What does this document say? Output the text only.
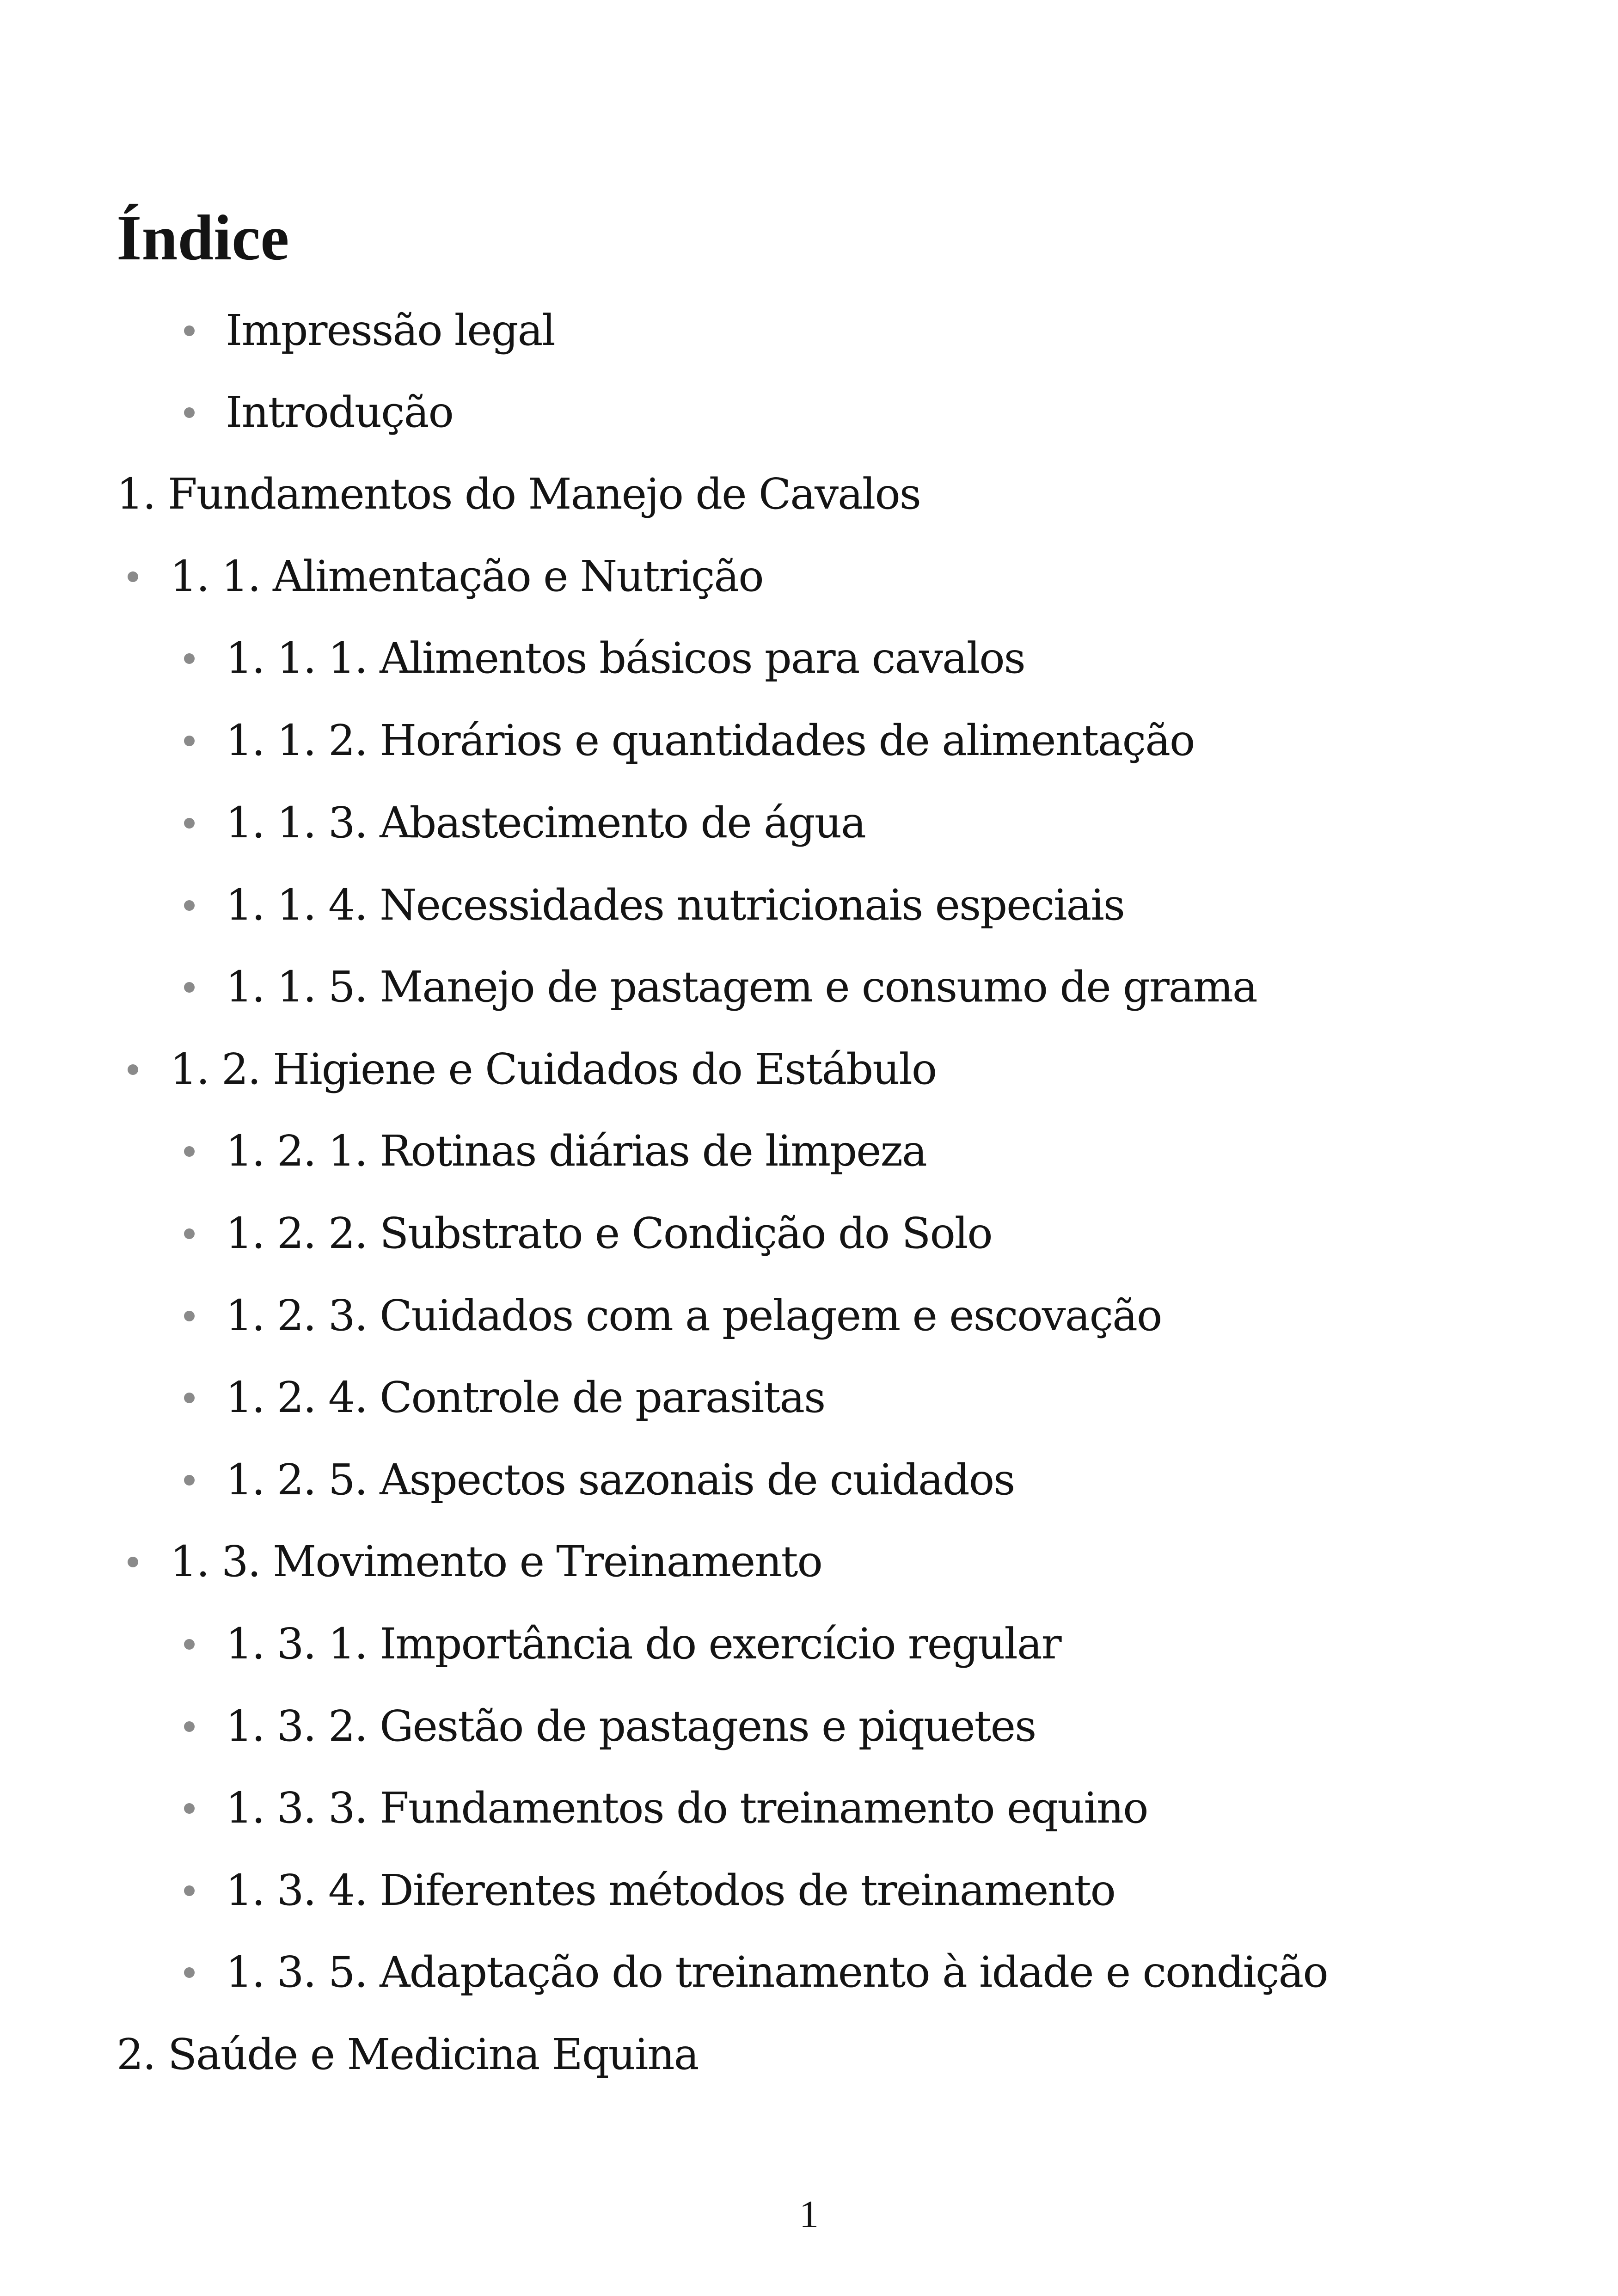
Índice
Impressão legal
Introdução
1. Fundamentos do Manejo de Cavalos
1. 1. Alimentação e Nutrição
1. 1. 1. Alimentos básicos para cavalos
1. 1. 2. Horários e quantidades de alimentação
1. 1. 3. Abastecimento de água
1. 1. 4. Necessidades nutricionais especiais
1. 1. 5. Manejo de pastagem e consumo de grama
1. 2. Higiene e Cuidados do Estábulo
1. 2. 1. Rotinas diárias de limpeza
1. 2. 2. Substrato e Condição do Solo
1. 2. 3. Cuidados com a pelagem e escovação
1. 2. 4. Controle de parasitas
1. 2. 5. Aspectos sazonais de cuidados
1. 3. Movimento e Treinamento
1. 3. 1. Importância do exercício regular
1. 3. 2. Gestão de pastagens e piquetes
1. 3. 3. Fundamentos do treinamento equino
1. 3. 4. Diferentes métodos de treinamento
1. 3. 5. Adaptação do treinamento à idade e condição
2. Saúde e Medicina Equina
1
